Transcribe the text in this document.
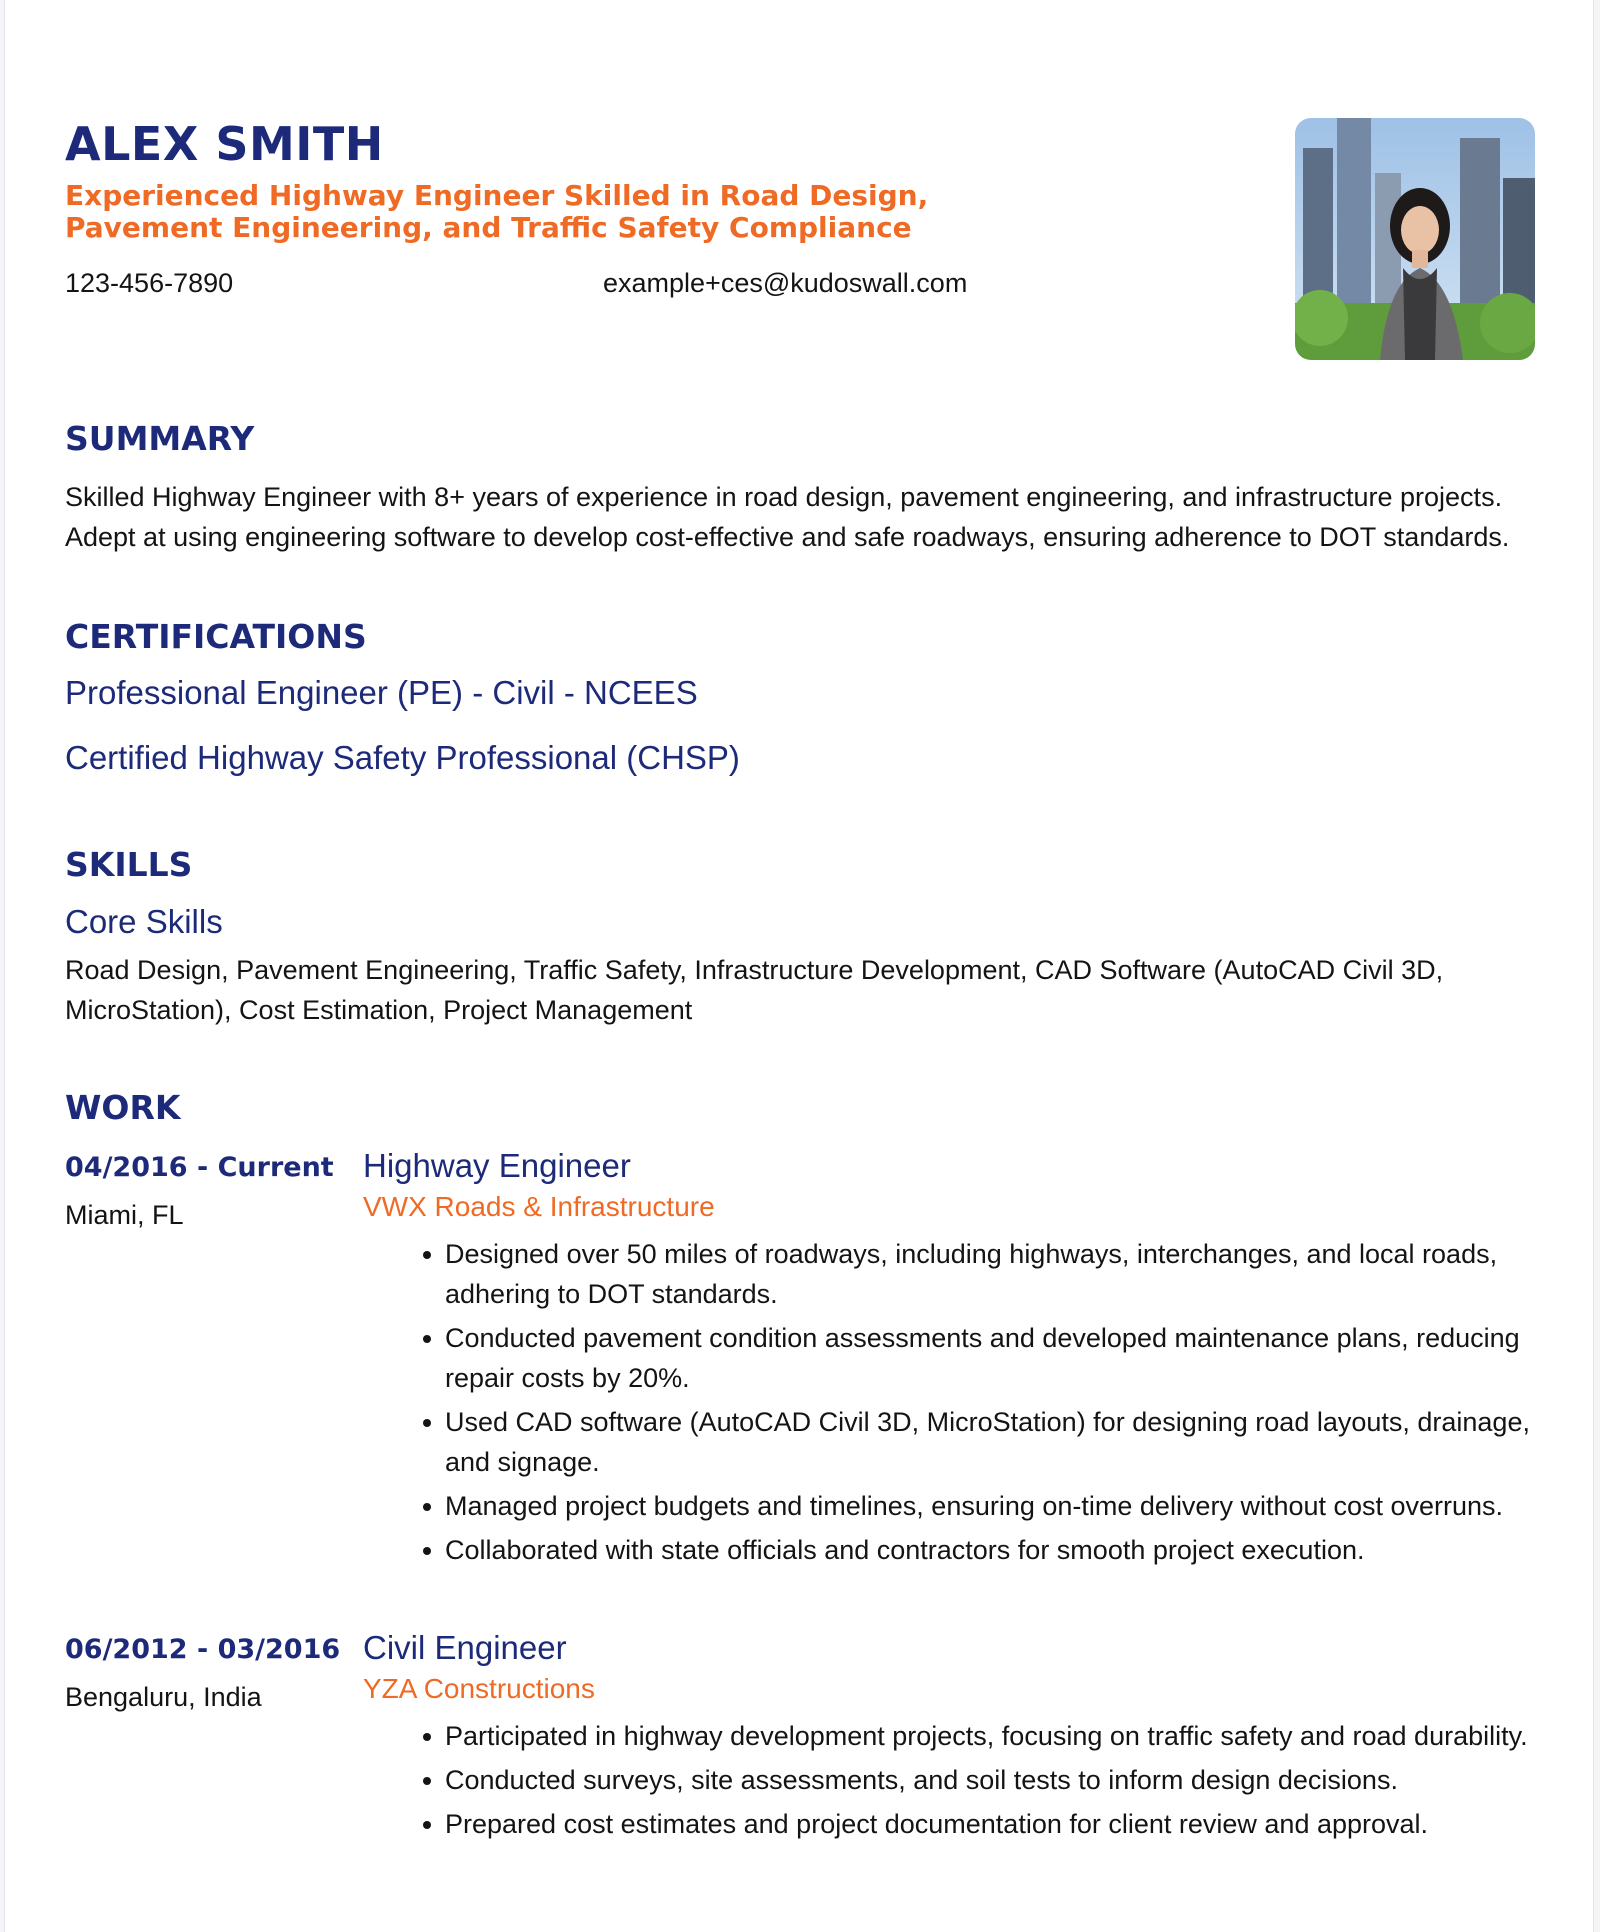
ALEX SMITH
Experienced Highway Engineer Skilled in Road Design, Pavement Engineering, and Traffic Safety Compliance
123-456-7890	example+ces@kudoswall.com
SUMMARY

Skilled Highway Engineer with 8+ years of experience in road design, pavement engineering, and infrastructure projects. Adept at using engineering software to develop cost-effective and safe roadways, ensuring adherence to DOT standards.

CERTIFICATIONS
Professional Engineer (PE) - Civil - NCEES
Certified Highway Safety Professional (CHSP)
SKILLS
Core Skills

Road Design, Pavement Engineering, Traffic Safety, Infrastructure Development, CAD Software (AutoCAD Civil 3D, MicroStation), Cost Estimation, Project Management

WORK
04/2016 - Current
Miami, FL
Highway Engineer
VWX Roads & Infrastructure
Designed over 50 miles of roadways, including highways, interchanges, and local roads, adhering to DOT standards.
Conducted pavement condition assessments and developed maintenance plans, reducing repair costs by 20%.
Used CAD software (AutoCAD Civil 3D, MicroStation) for designing road layouts, drainage, and signage.
Managed project budgets and timelines, ensuring on-time delivery without cost overruns.
Collaborated with state officials and contractors for smooth project execution.
06/2012 - 03/2016
Bengaluru, India
Civil Engineer
YZA Constructions
Participated in highway development projects, focusing on traffic safety and road durability.
Conducted surveys, site assessments, and soil tests to inform design decisions.
Prepared cost estimates and project documentation for client review and approval.
